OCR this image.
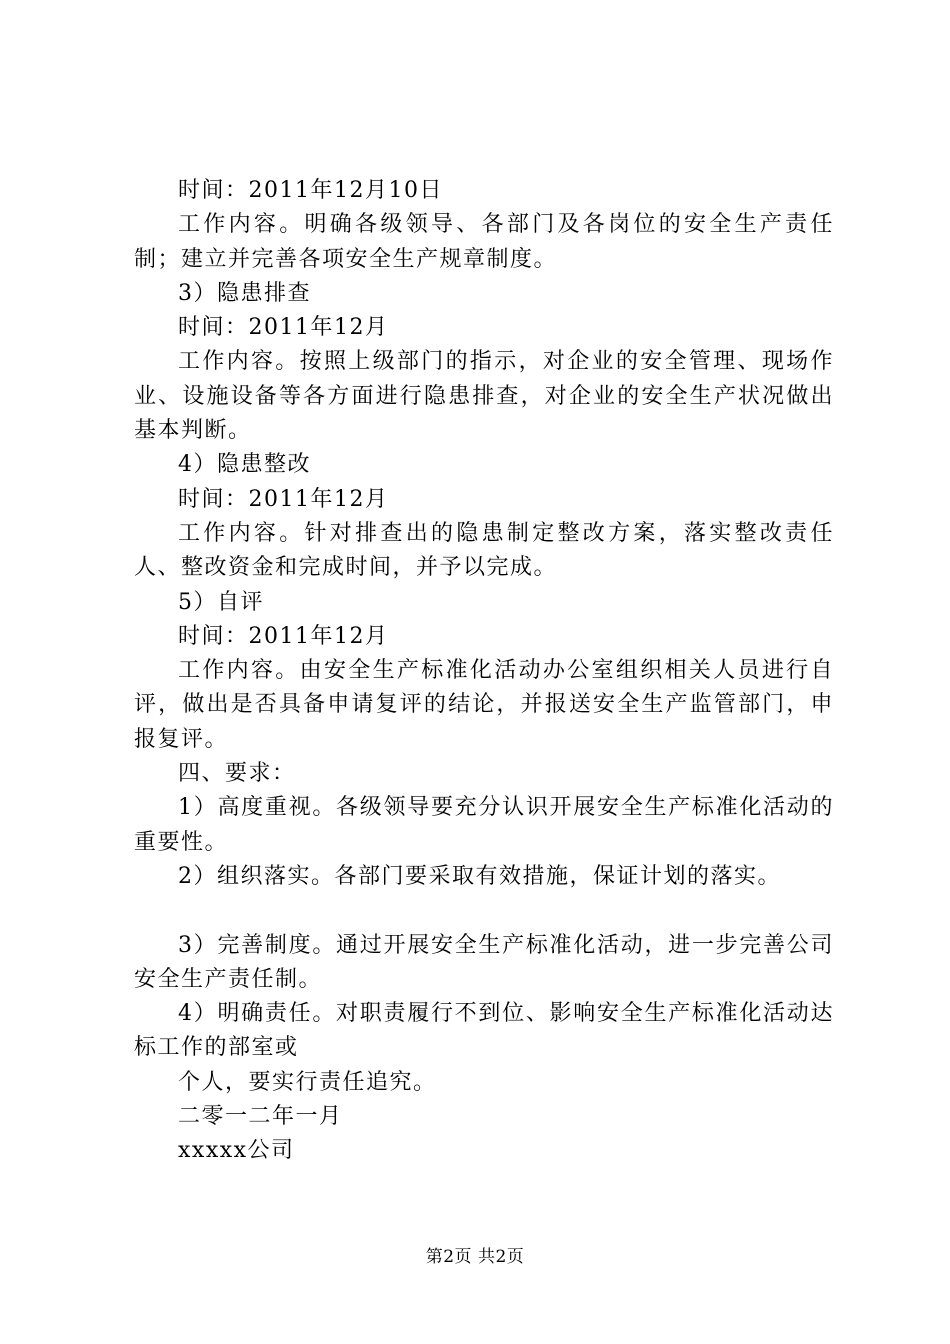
时间：2011年12月10日

工作内容。明确各级领导、各部门及各岗位的安全生产责任制；建立并完善各项安全生产规章制度。

3）隐患排查

时间：2011年12月

工作内容。按照上级部门的指示，对企业的安全管理、现场作业、设施设备等各方面进行隐患排查，对企业的安全生产状况做出基本判断。

4）隐患整改

时间：2011年12月

工作内容。针对排查出的隐患制定整改方案，落实整改责任人、整改资金和完成时间，并予以完成。

5）自评

时间：2011年12月

工作内容。由安全生产标准化活动办公室组织相关人员进行自评，做出是否具备申请复评的结论，并报送安全生产监管部门，申报复评。

四、要求：

1）高度重视。各级领导要充分认识开展安全生产标准化活动的重要性。

2）组织落实。各部门要采取有效措施，保证计划的落实。

3）完善制度。通过开展安全生产标准化活动，进一步完善公司安全生产责任制。

4）明确责任。对职责履行不到位、影响安全生产标准化活动达标工作的部室或

个人，要实行责任追究。

二零一二年一月

xxxxx公司

第2页 共2页
